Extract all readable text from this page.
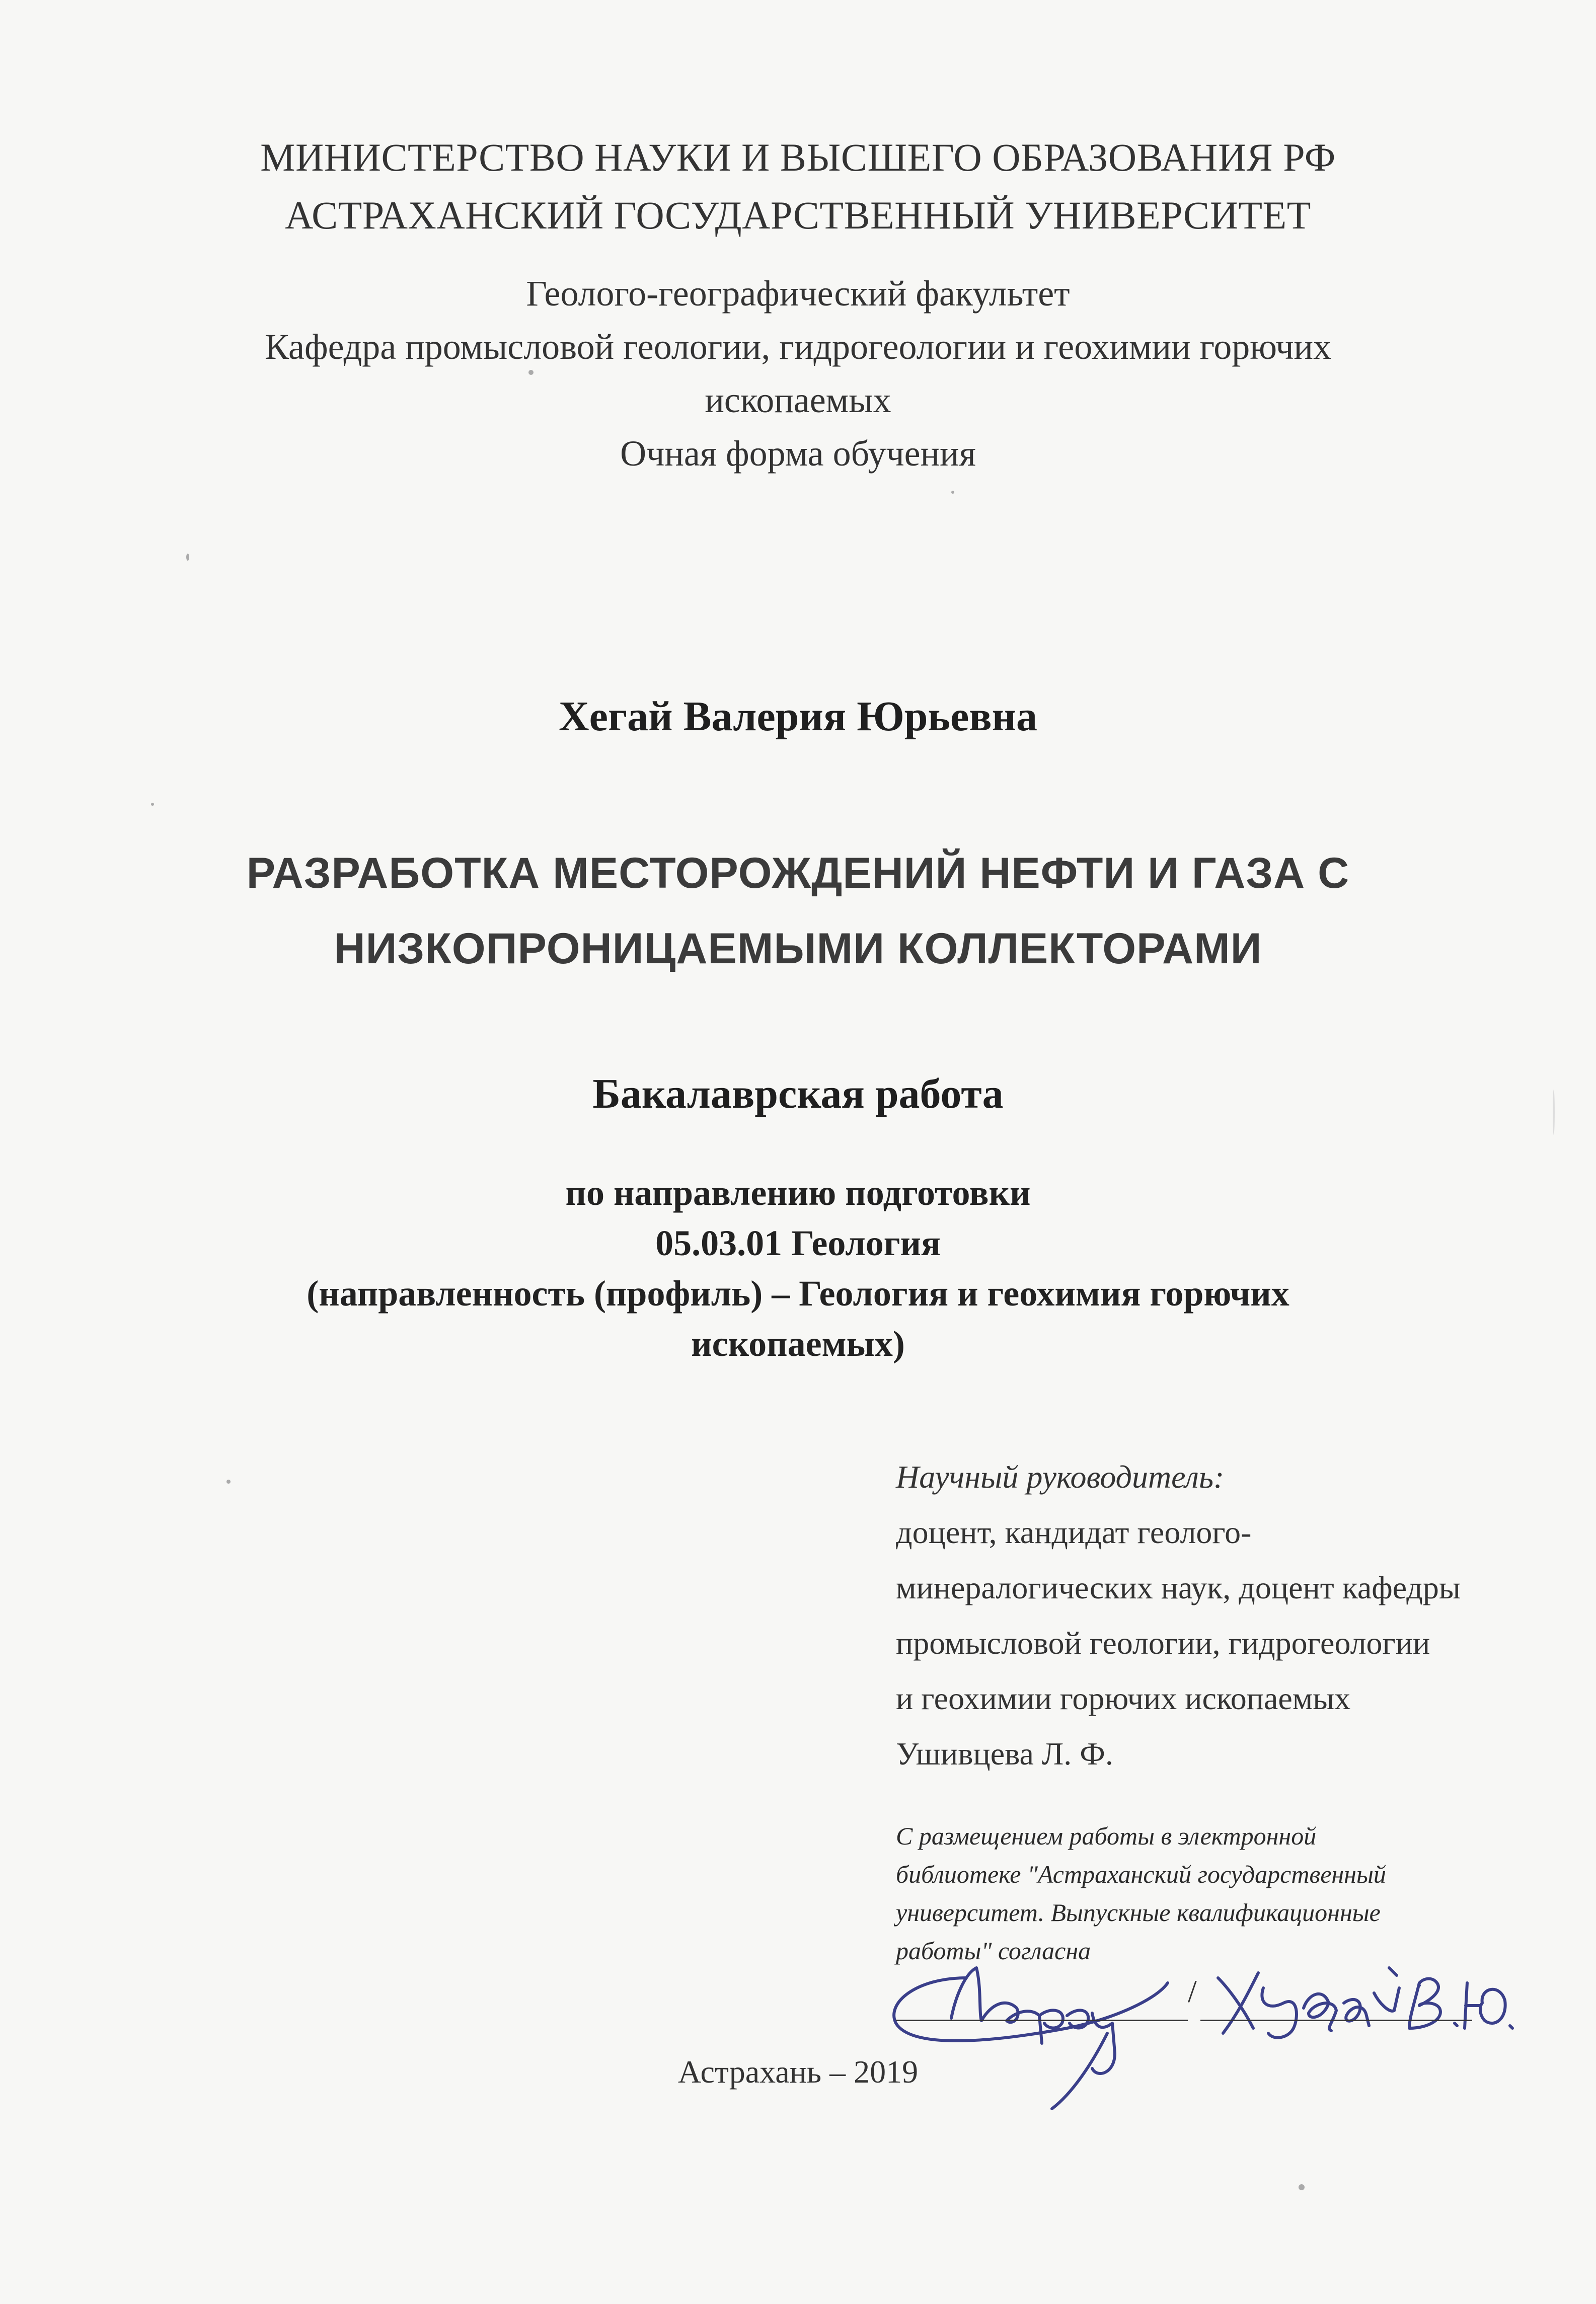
МИНИСТЕРСТВО НАУКИ И ВЫСШЕГО ОБРАЗОВАНИЯ РФ
АСТРАХАНСКИЙ ГОСУДАРСТВЕННЫЙ УНИВЕРСИТЕТ
Геолого-географический факультет
Кафедра промысловой геологии, гидрогеологии и геохимии горючих
ископаемых
Очная форма обучения
Хегай Валерия Юрьевна
РАЗРАБОТКА МЕСТОРОЖДЕНИЙ НЕФТИ И ГАЗА С
НИЗКОПРОНИЦАЕМЫМИ КОЛЛЕКТОРАМИ
Бакалаврская работа
по направлению подготовки
05.03.01 Геология
(направленность (профиль) – Геология и геохимия горючих
ископаемых)
Научный руководитель:
доцент, кандидат геолого-
минералогических наук, доцент кафедры
промысловой геологии, гидрогеологии
и геохимии горючих ископаемых
Ушивцева Л. Ф.
С размещением работы в электронной
библиотеке "Астраханский государственный
университет. Выпускные квалификационные
работы" согласна
/
Астрахань – 2019
